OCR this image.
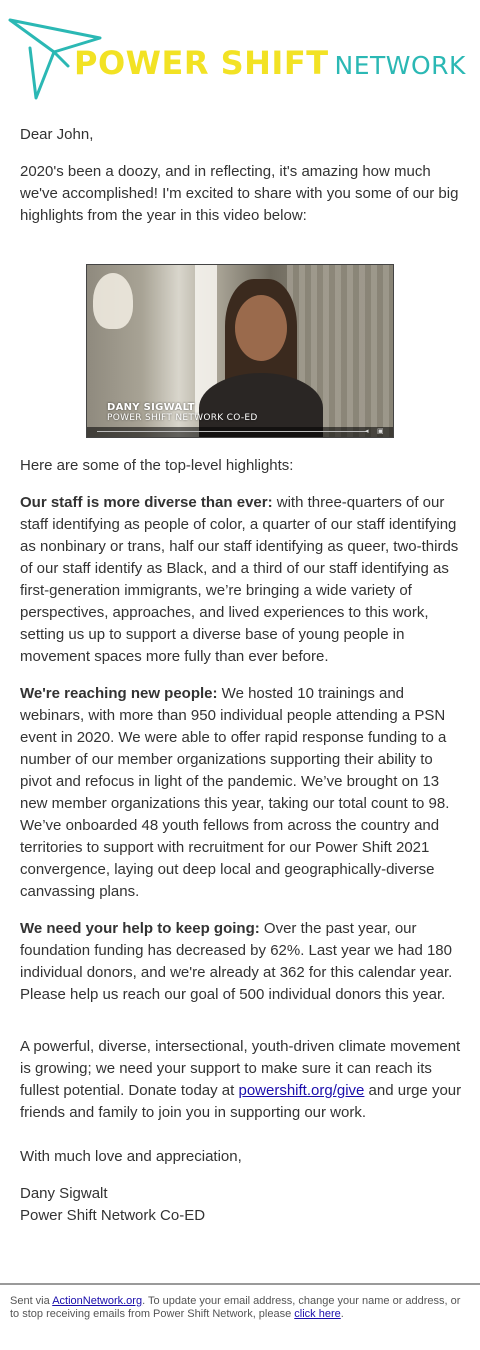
POWER SHIFT NETWORK

Dear John,

2020's been a doozy, and in reflecting, it's amazing how much we've accomplished! I'm excited to share with you some of our big highlights from the year in this video below:

DANY SIGWALT
POWER SHIFT NETWORK CO-ED
▣
◂

Here are some of the top-level highlights:

Our staff is more diverse than ever: with three-quarters of our staff identifying as people of color, a quarter of our staff identifying as nonbinary or trans, half our staff identifying as queer, two-thirds of our staff identify as Black, and a third of our staff identifying as first-generation immigrants, we’re bringing a wide variety of perspectives, approaches, and lived experiences to this work, setting us up to support a diverse base of young people in movement spaces more fully than ever before.

We're reaching new people: We hosted 10 trainings and webinars, with more than 950 individual people attending a PSN event in 2020. We were able to offer rapid response funding to a number of our member organizations supporting their ability to pivot and refocus in light of the pandemic. We’ve brought on 13 new member organizations this year, taking our total count to 98. We’ve onboarded 48 youth fellows from across the country and territories to support with recruitment for our Power Shift 2021 convergence, laying out deep local and geographically-diverse canvassing plans.

We need your help to keep going: Over the past year, our foundation funding has decreased by 62%. Last year we had 180 individual donors, and we're already at 362 for this calendar year. Please help us reach our goal of 500 individual donors this year.

A powerful, diverse, intersectional, youth-driven climate movement is growing; we need your support to make sure it can reach its fullest potential. Donate today at powershift.org/give and urge your friends and family to join you in supporting our work.

With much love and appreciation,

Dany Sigwalt

Power Shift Network Co-ED

Sent via ActionNetwork.org. To update your email address, change your name or address, or to stop receiving emails from Power Shift Network, please click here.
